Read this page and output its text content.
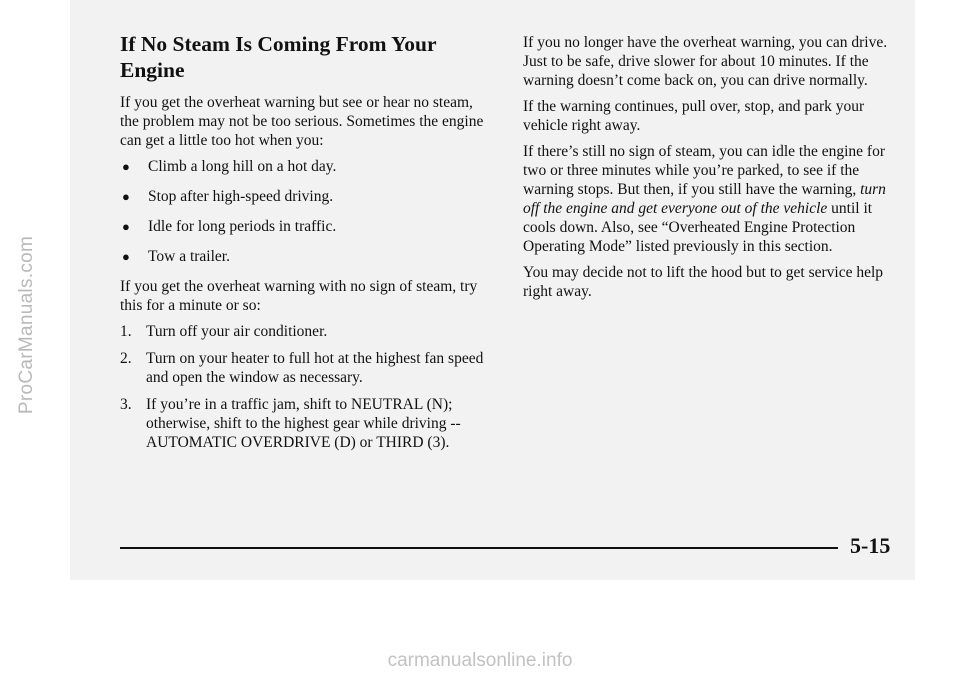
ProCarManuals.com
If No Steam Is Coming From Your Engine

If you get the overheat warning but see or hear no steam, the problem may not be too serious. Sometimes the engine can get a little too hot when you:

●	Climb a long hill on a hot day.
●	Stop after high-speed driving.
●	Idle for long periods in traffic.
●	Tow a trailer.

If you get the overheat warning with no sign of steam, try this for a minute or so:

1. Turn off your air conditioner.
2. Turn on your heater to full hot at the highest fan speed and open the window as necessary.
3. If you’re in a traffic jam, shift to NEUTRAL (N); otherwise, shift to the highest gear while driving -- AUTOMATIC OVERDRIVE (D) or THIRD (3).

If you no longer have the overheat warning, you can drive. Just to be safe, drive slower for about 10 minutes. If the warning doesn’t come back on, you can drive normally.

If the warning continues, pull over, stop, and park your vehicle right away.

If there’s still no sign of steam, you can idle the engine for two or three minutes while you’re parked, to see if the warning stops. But then, if you still have the warning, turn off the engine and get everyone out of the vehicle until it cools down. Also, see “Overheated Engine Protection Operating Mode” listed previously in this section.

You may decide not to lift the hood but to get service help right away.

5-15
carmanualsonline.info
